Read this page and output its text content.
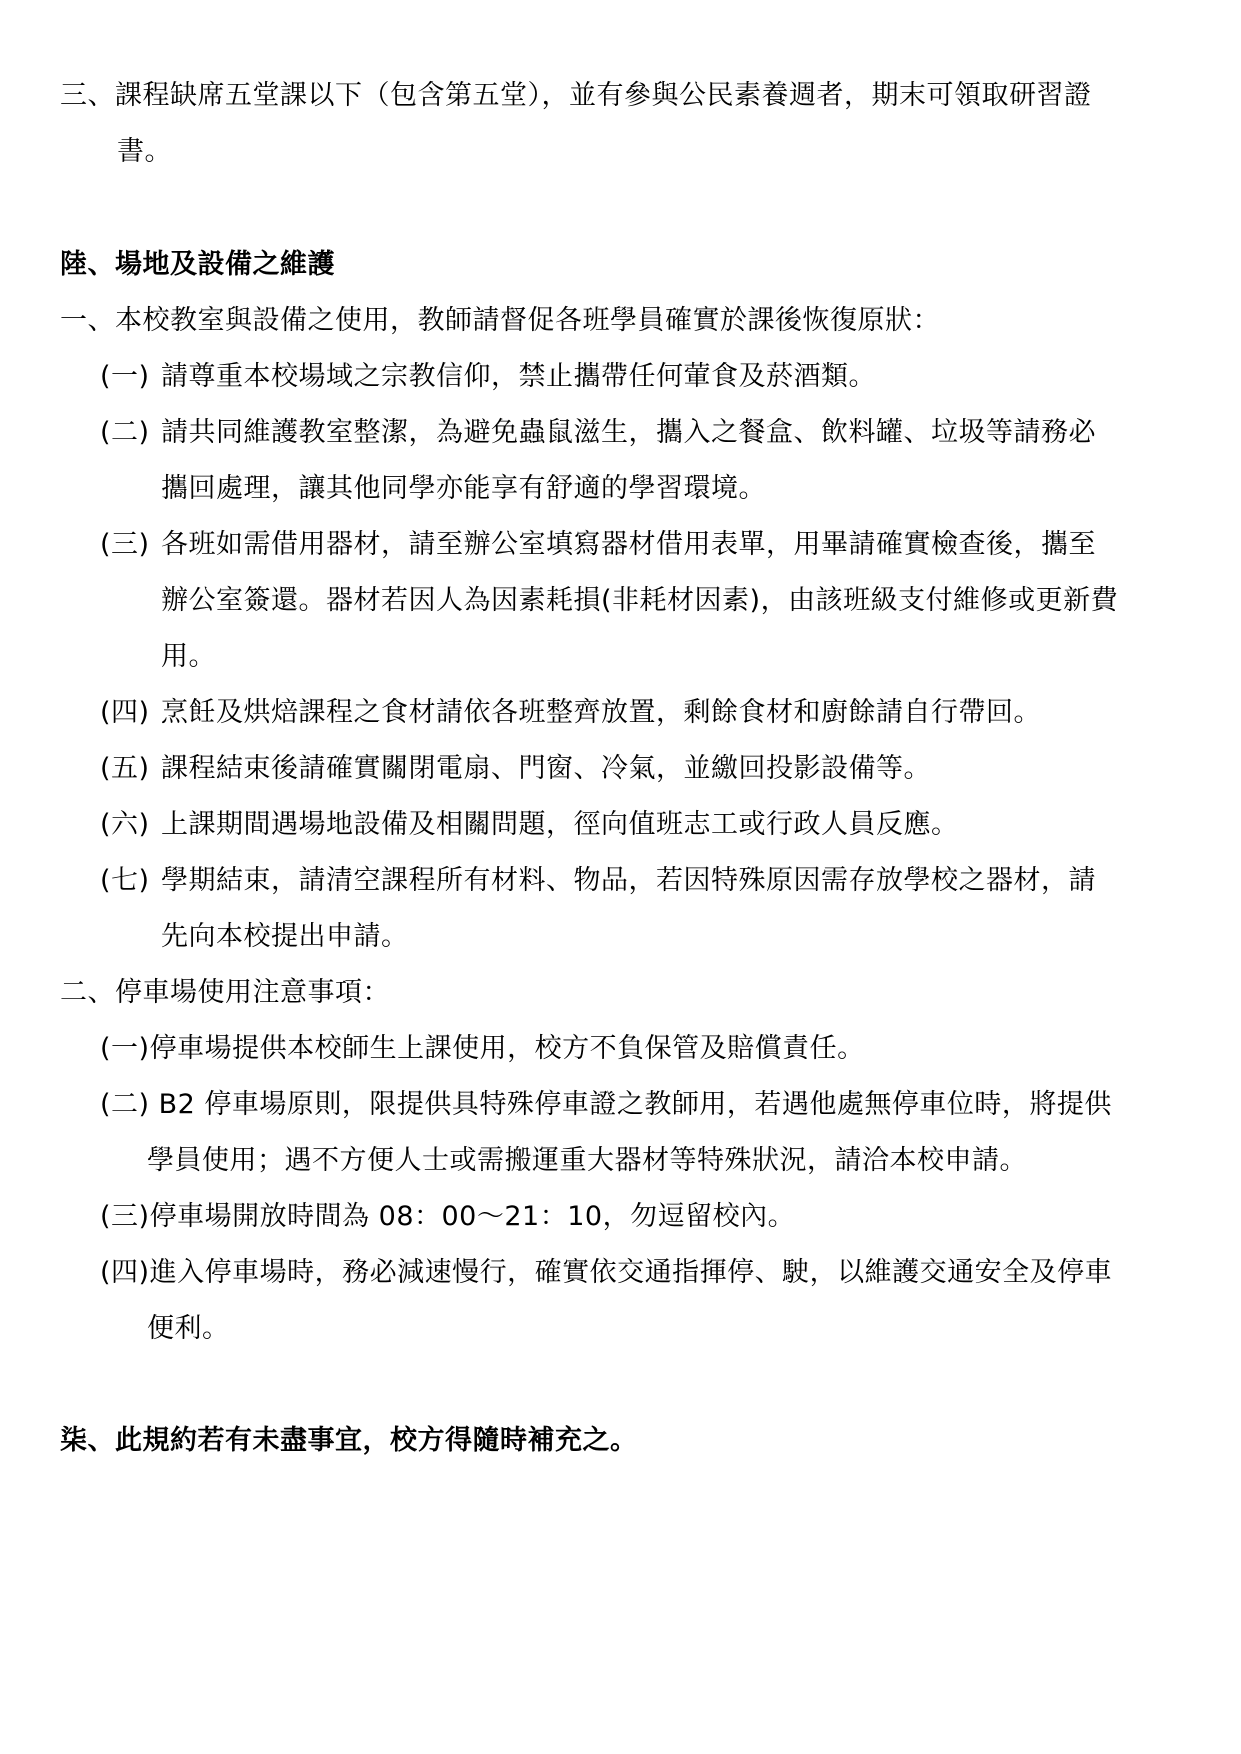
三、課程缺席五堂課以下（包含第五堂），並有參與公民素養週者，期末可領取研習證
書。
陸、場地及設備之維護
一、本校教室與設備之使用，教師請督促各班學員確實於課後恢復原狀：
(一) 請尊重本校場域之宗教信仰，禁止攜帶任何葷食及菸酒類。
(二) 請共同維護教室整潔，為避免蟲鼠滋生，攜入之餐盒、飲料罐、垃圾等請務必
攜回處理，讓其他同學亦能享有舒適的學習環境。
(三) 各班如需借用器材，請至辦公室填寫器材借用表單，用畢請確實檢查後，攜至
辦公室簽還。器材若因人為因素耗損(非耗材因素)，由該班級支付維修或更新費
用。
(四) 烹飪及烘焙課程之食材請依各班整齊放置，剩餘食材和廚餘請自行帶回。
(五) 課程結束後請確實關閉電扇、門窗、冷氣，並繳回投影設備等。
(六) 上課期間遇場地設備及相關問題，徑向值班志工或行政人員反應。
(七) 學期結束，請清空課程所有材料、物品，若因特殊原因需存放學校之器材，請
先向本校提出申請。
二、停車場使用注意事項：
(一)停車場提供本校師生上課使用，校方不負保管及賠償責任。
(二) B2 停車場原則，限提供具特殊停車證之教師用，若遇他處無停車位時，將提供
學員使用；遇不方便人士或需搬運重大器材等特殊狀況，請洽本校申請。
(三)停車場開放時間為 08：00～21：10，勿逗留校內。
(四)進入停車場時，務必減速慢行，確實依交通指揮停、駛，以維護交通安全及停車
便利。
柒、此規約若有未盡事宜，校方得隨時補充之。
